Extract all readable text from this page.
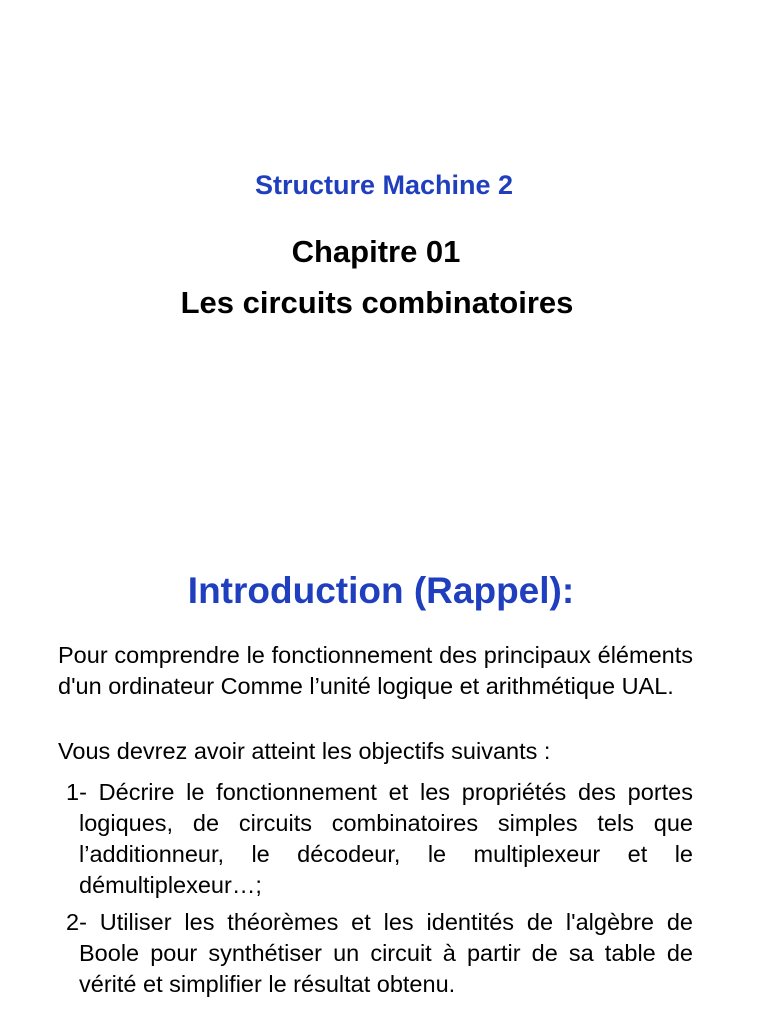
Structure Machine 2
Chapitre 01
Les circuits combinatoires
Introduction (Rappel):

Pour comprendre le fonctionnement des principaux éléments d'un ordinateur Comme l’unité logique et arithmétique UAL.

Vous devrez avoir atteint les objectifs suivants :

1- Décrire le fonctionnement et les propriétés des portes logiques, de circuits combinatoires simples tels que l’additionneur, le décodeur, le multiplexeur et le démultiplexeur…;

2- Utiliser les théorèmes et les identités de l'algèbre de Boole pour synthétiser un circuit à partir de sa table de vérité et simplifier le résultat obtenu.
